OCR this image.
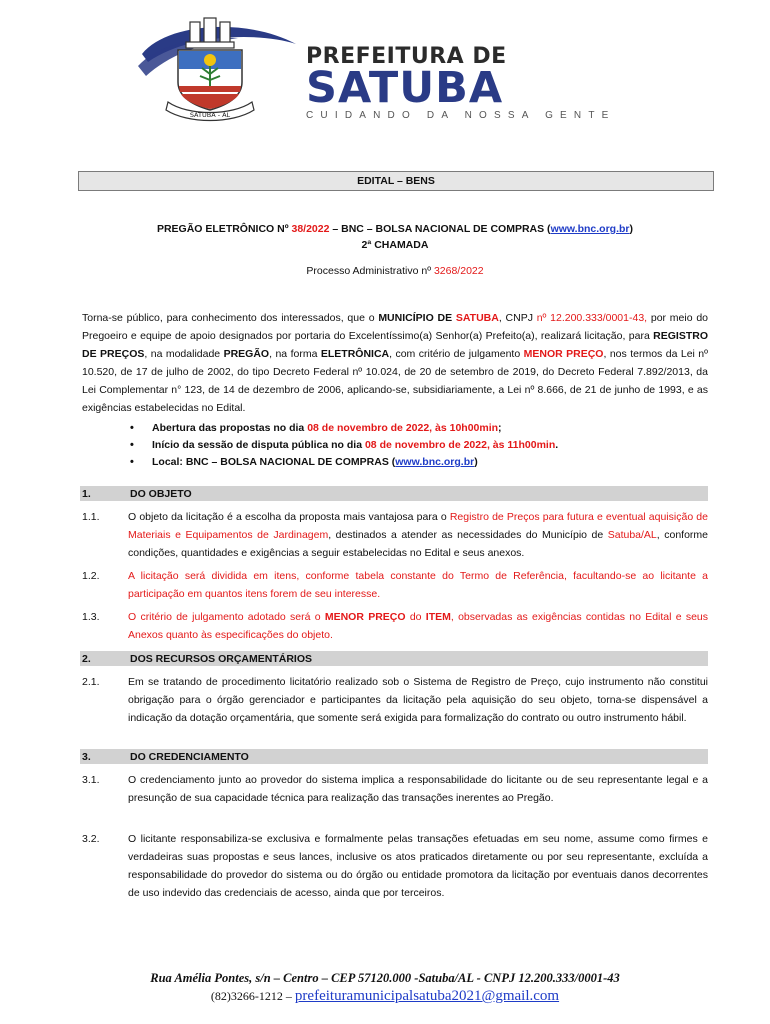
SATUBA - AL
PREFEITURA DE
SATUBA
CUIDANDO DA NOSSA GENTE
EDITAL – BENS
PREGÃO ELETRÔNICO Nº 38/2022 – BNC – BOLSA NACIONAL DE COMPRAS (www.bnc.org.br)
2ª CHAMADA
Processo Administrativo nº 3268/2022
Torna-se público, para conhecimento dos interessados, que o MUNICÍPIO DE SATUBA, CNPJ nº 12.200.333/0001-43, por meio do Pregoeiro e equipe de apoio designados por portaria do Excelentíssimo(a) Senhor(a) Prefeito(a), realizará licitação, para REGISTRO DE PREÇOS, na modalidade PREGÃO, na forma ELETRÔNICA, com critério de julgamento MENOR PREÇO, nos termos da Lei nº 10.520, de 17 de julho de 2002, do tipo Decreto Federal nº 10.024, de 20 de setembro de 2019, do Decreto Federal 7.892/2013, da Lei Complementar n° 123, de 14 de dezembro de 2006, aplicando-se, subsidiariamente, a Lei nº 8.666, de 21 de junho de 1993, e as exigências estabelecidas no Edital.
• Abertura das propostas no dia 08 de novembro de 2022, às 10h00min;
• Início da sessão de disputa pública no dia 08 de novembro de 2022, às 11h00min.
• Local: BNC – BOLSA NACIONAL DE COMPRAS (www.bnc.org.br)
1.	DO OBJETO
1.1.	O objeto da licitação é a escolha da proposta mais vantajosa para o Registro de Preços para futura e eventual aquisição de Materiais e Equipamentos de Jardinagem, destinados a atender as necessidades do Município de Satuba/AL, conforme condições, quantidades e exigências a seguir estabelecidas no Edital e seus anexos.
1.2.	A licitação será dividida em itens, conforme tabela constante do Termo de Referência, facultando-se ao licitante a participação em quantos itens forem de seu interesse.
1.3.	O critério de julgamento adotado será o MENOR PREÇO do ITEM, observadas as exigências contidas no Edital e seus Anexos quanto às especificações do objeto.
2.	DOS RECURSOS ORÇAMENTÁRIOS
2.1.	Em se tratando de procedimento licitatório realizado sob o Sistema de Registro de Preço, cujo instrumento não constitui obrigação para o órgão gerenciador e participantes da licitação pela aquisição do seu objeto, torna-se dispensável a indicação da dotação orçamentária, que somente será exigida para formalização do contrato ou outro instrumento hábil.
3.	DO CREDENCIAMENTO
3.1.	O credenciamento junto ao provedor do sistema implica a responsabilidade do licitante ou de seu representante legal e a presunção de sua capacidade técnica para realização das transações inerentes ao Pregão.
3.2.	O licitante responsabiliza-se exclusiva e formalmente pelas transações efetuadas em seu nome, assume como firmes e verdadeiras suas propostas e seus lances, inclusive os atos praticados diretamente ou por seu representante, excluída a responsabilidade do provedor do sistema ou do órgão ou entidade promotora da licitação por eventuais danos decorrentes de uso indevido das credenciais de acesso, ainda que por terceiros.
Rua Amélia Pontes, s/n – Centro – CEP 57120.000 -Satuba/AL - CNPJ 12.200.333/0001-43
(82)3266-1212 – prefeituramunicipalsatuba2021@gmail.com
